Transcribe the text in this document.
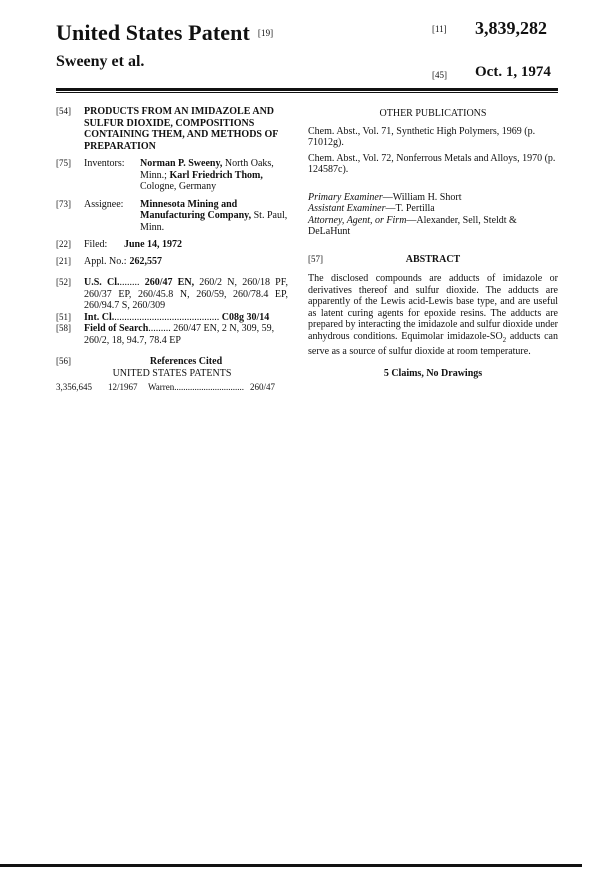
United States Patent [19]
Sweeny et al.
[11] 3,839,282
[45] Oct. 1, 1974
[54]	PRODUCTS FROM AN IMIDAZOLE AND SULFUR DIOXIDE, COMPOSITIONS CONTAINING THEM, AND METHODS OF PREPARATION
[75]	Inventors:	Norman P. Sweeny, North Oaks, Minn.; Karl Friedrich Thom, Cologne, Germany
[73]	Assignee:	Minnesota Mining and Manufacturing Company, St. Paul, Minn.
[22]	Filed:	June 14, 1972
[21]	Appl. No.: 262,557
[52]	U.S. Cl......... 260/47 EN, 260/2 N, 260/18 PF, 260/37 EP, 260/45.8 N, 260/59, 260/78.4 EP, 260/94.7 S, 260/309
[51]	Int. Cl........................................... C08g 30/14
[58]	Field of Search......... 260/47 EN, 2 N, 309, 59, 260/2, 18, 94.7, 78.4 EP
[56]	References Cited
UNITED STATES PATENTS
3,356,645	12/1967	Warren ............................... 260/47
OTHER PUBLICATIONS
Chem. Abst., Vol. 71, Synthetic High Polymers, 1969 (p. 71012g).
Chem. Abst., Vol. 72, Nonferrous Metals and Alloys, 1970 (p. 124587c).
Primary Examiner—William H. Short
Assistant Examiner—T. Pertilla
Attorney, Agent, or Firm—Alexander, Sell, Steldt & DeLaHunt
[57]	ABSTRACT
The disclosed compounds are adducts of imidazole or derivatives thereof and sulfur dioxide. The adducts are apparently of the Lewis acid-Lewis base type, and are useful as latent curing agents for epoxide resins. The adducts are prepared by interacting the imidazole and sulfur dioxide under anhydrous conditions. Equimolar imidazole-$SO_2$ adducts can serve as a source of sulfur dioxide at room temperature.
5 Claims, No Drawings
